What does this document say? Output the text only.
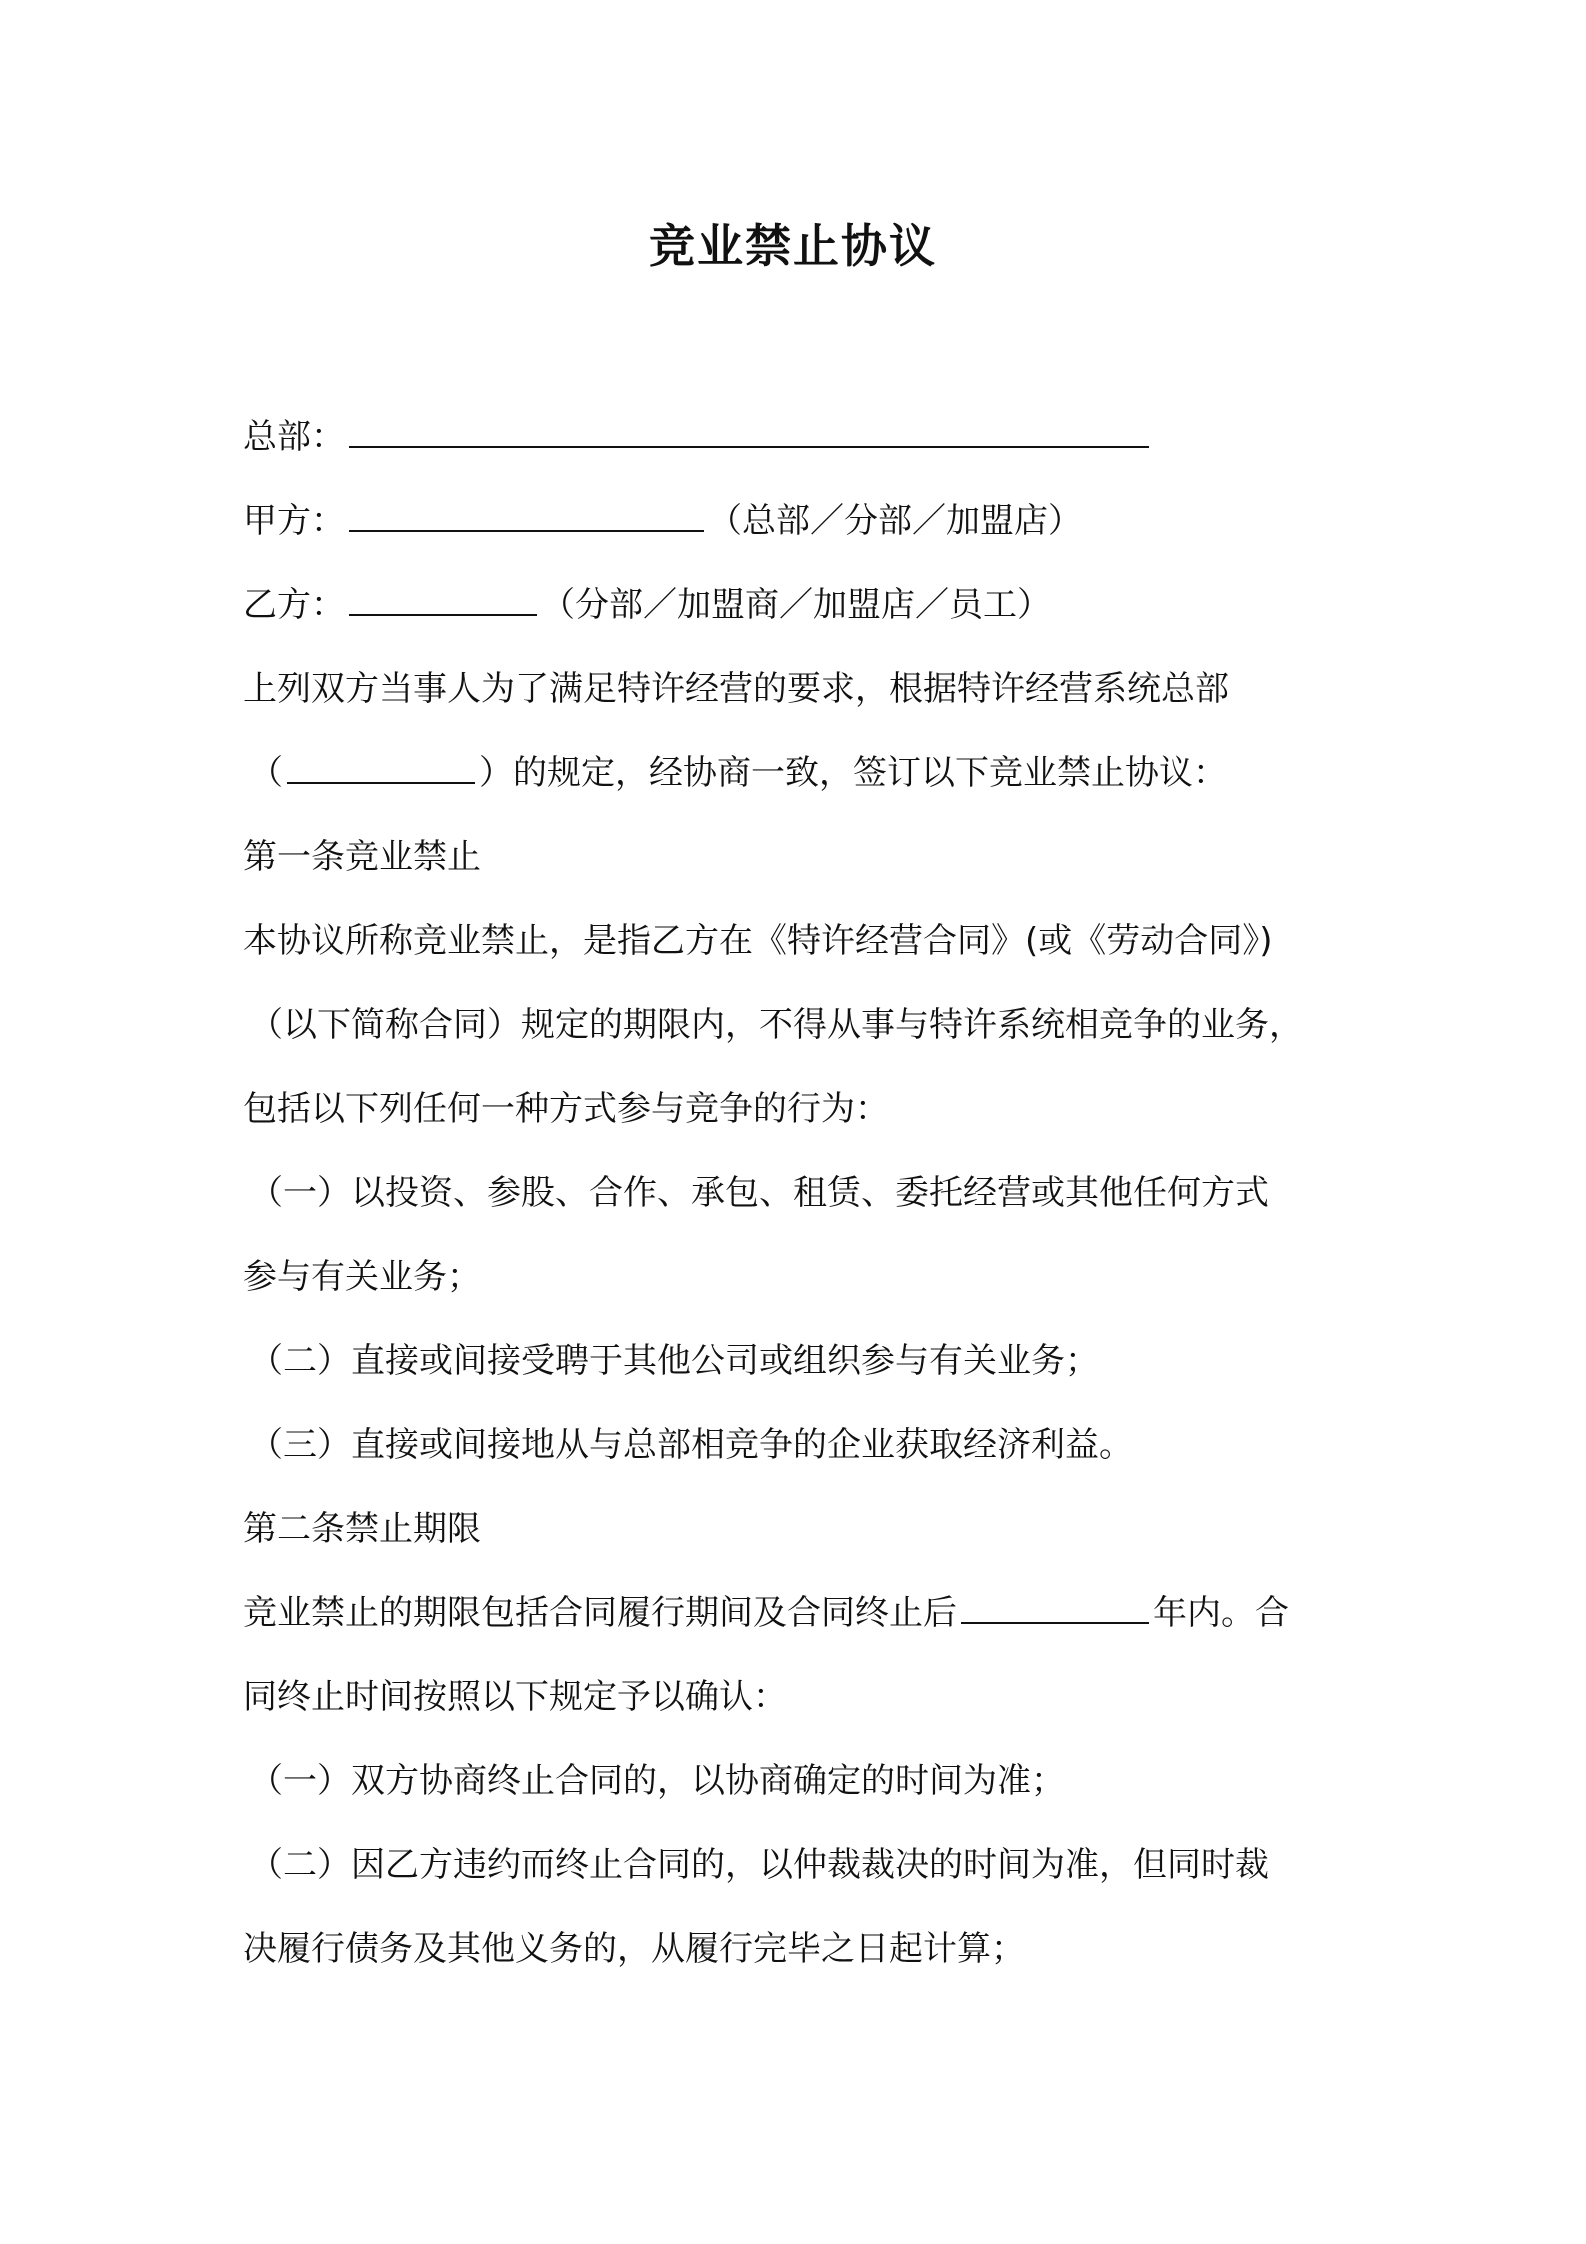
竞业禁止协议
总部：
甲方：	（总部／分部／加盟店）
乙方：	（分部／加盟商／加盟店／员工）
上列双方当事人为了满足特许经营的要求，根据特许经营系统总部
（	）的规定，经协商一致，签订以下竞业禁止协议：
第一条竞业禁止
本协议所称竞业禁止，是指乙方在《特许经营合同》(或《劳动合同》)
（以下简称合同）规定的期限内，不得从事与特许系统相竞争的业务，
包括以下列任何一种方式参与竞争的行为：
（一）以投资、参股、合作、承包、租赁、委托经营或其他任何方式
参与有关业务；
（二）直接或间接受聘于其他公司或组织参与有关业务；
（三）直接或间接地从与总部相竞争的企业获取经济利益。
第二条禁止期限
竞业禁止的期限包括合同履行期间及合同终止后	年内。合
同终止时间按照以下规定予以确认：
（一）双方协商终止合同的，以协商确定的时间为准；
（二）因乙方违约而终止合同的，以仲裁裁决的时间为准，但同时裁
决履行债务及其他义务的，从履行完毕之日起计算；
